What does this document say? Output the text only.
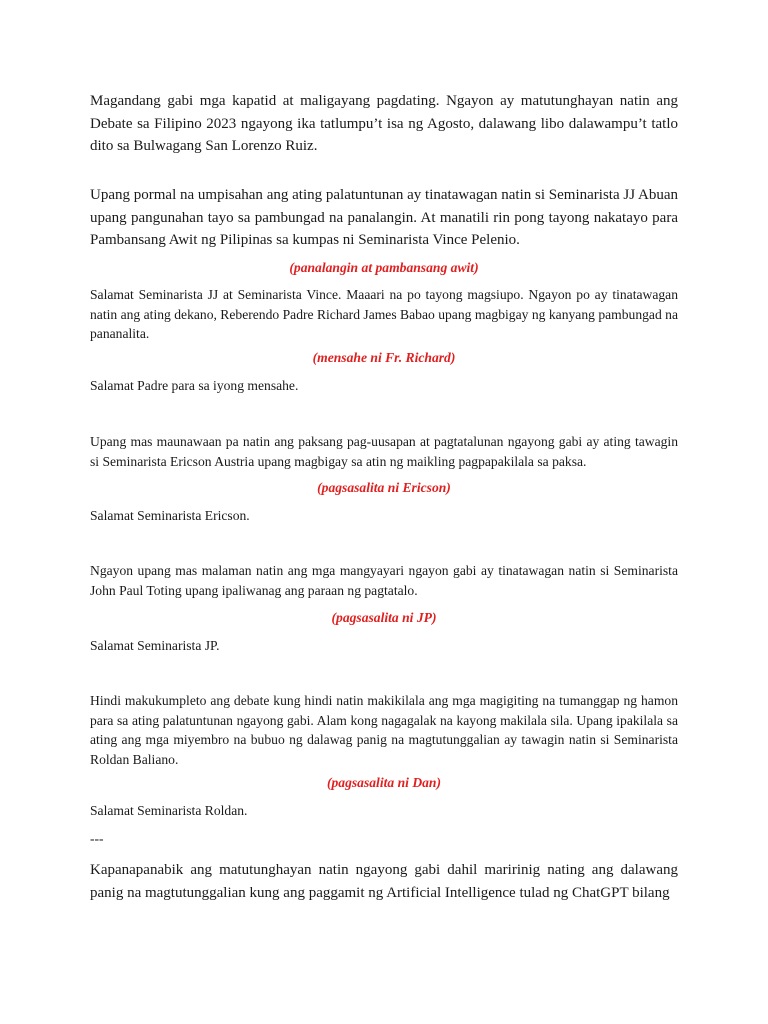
Magandang gabi mga kapatid at maligayang pagdating. Ngayon ay matutunghayan natin ang Debate sa Filipino 2023 ngayong ika tatlumpu’t isa ng Agosto, dalawang libo dalawampu’t tatlo dito sa Bulwagang San Lorenzo Ruiz.

Upang pormal na umpisahan ang ating palatuntunan ay tinatawagan natin si Seminarista JJ Abuan upang pangunahan tayo sa pambungad na panalangin. At manatili rin pong tayong nakatayo para Pambansang Awit ng Pilipinas sa kumpas ni Seminarista Vince Pelenio.

(panalangin at pambansang awit)

Salamat Seminarista JJ at Seminarista Vince. Maaari na po tayong magsiupo. Ngayon po ay tinatawagan natin ang ating dekano, Reberendo Padre Richard James Babao upang magbigay ng kanyang pambungad na pananalita.

(mensahe ni Fr. Richard)

Salamat Padre para sa iyong mensahe.

Upang mas maunawaan pa natin ang paksang pag-uusapan at pagtatalunan ngayong gabi ay ating tawagin si Seminarista Ericson Austria upang magbigay sa atin ng maikling pagpapakilala sa paksa.

(pagsasalita ni Ericson)

Salamat Seminarista Ericson.

Ngayon upang mas malaman natin ang mga mangyayari ngayon gabi ay tinatawagan natin si Seminarista John Paul Toting upang ipaliwanag ang paraan ng pagtatalo.

(pagsasalita ni JP)

Salamat Seminarista JP.

Hindi makukumpleto ang debate kung hindi natin makikilala ang mga magigiting na tumanggap ng hamon para sa ating palatuntunan ngayong gabi. Alam kong nagagalak na kayong makilala sila. Upang ipakilala sa ating ang mga miyembro na bubuo ng dalawag panig na magtutunggalian ay tawagin natin si Seminarista Roldan Baliano.

(pagsasalita ni Dan)

Salamat Seminarista Roldan.

---

Kapanapanabik ang matutunghayan natin ngayong gabi dahil maririnig nating ang dalawang panig na magtutunggalian kung ang paggamit ng Artificial Intelligence tulad ng ChatGPT bilang
